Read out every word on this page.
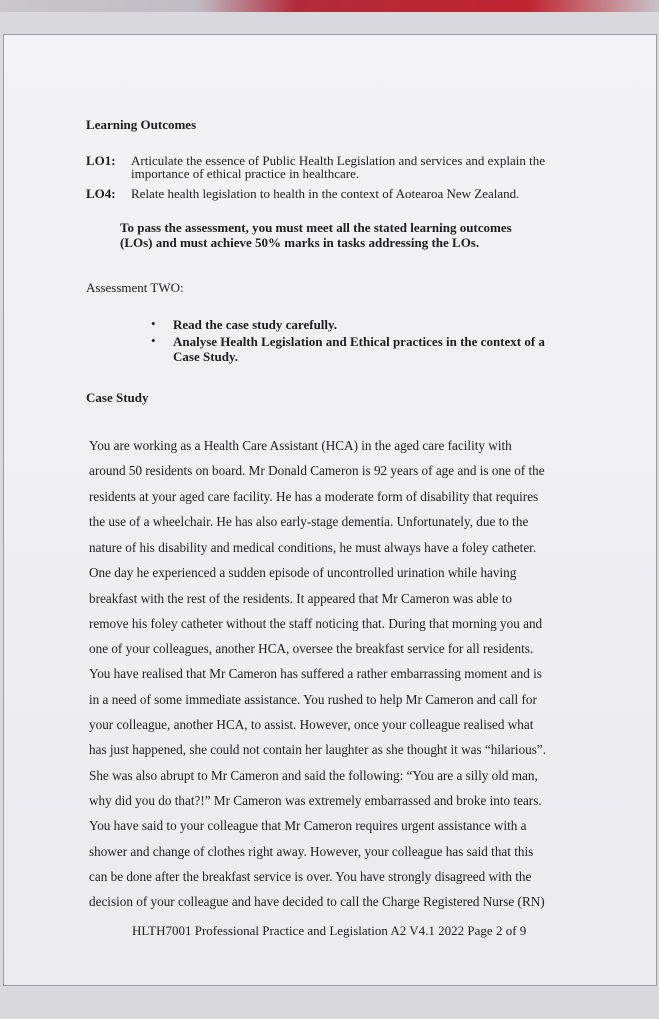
Learning Outcomes
LO1: Articulate the essence of Public Health Legislation and services and explain the
importance of ethical practice in healthcare.
LO4: Relate health legislation to health in the context of Aotearoa New Zealand.
To pass the assessment, you must meet all the stated learning outcomes
(LOs) and must achieve 50% marks in tasks addressing the LOs.
Assessment TWO:
• Read the case study carefully.
• Analyse Health Legislation and Ethical practices in the context of a
Case Study.
Case Study
You are working as a Health Care Assistant (HCA) in the aged care facility with
around 50 residents on board. Mr Donald Cameron is 92 years of age and is one of the
residents at your aged care facility. He has a moderate form of disability that requires
the use of a wheelchair. He has also early-stage dementia. Unfortunately, due to the
nature of his disability and medical conditions, he must always have a foley catheter.
One day he experienced a sudden episode of uncontrolled urination while having
breakfast with the rest of the residents. It appeared that Mr Cameron was able to
remove his foley catheter without the staff noticing that. During that morning you and
one of your colleagues, another HCA, oversee the breakfast service for all residents.
You have realised that Mr Cameron has suffered a rather embarrassing moment and is
in a need of some immediate assistance. You rushed to help Mr Cameron and call for
your colleague, another HCA, to assist. However, once your colleague realised what
has just happened, she could not contain her laughter as she thought it was “hilarious”.
She was also abrupt to Mr Cameron and said the following: “You are a silly old man,
why did you do that?!” Mr Cameron was extremely embarrassed and broke into tears.
You have said to your colleague that Mr Cameron requires urgent assistance with a
shower and change of clothes right away. However, your colleague has said that this
can be done after the breakfast service is over. You have strongly disagreed with the
decision of your colleague and have decided to call the Charge Registered Nurse (RN)
HLTH7001 Professional Practice and Legislation A2 V4.1 2022 Page 2 of 9
